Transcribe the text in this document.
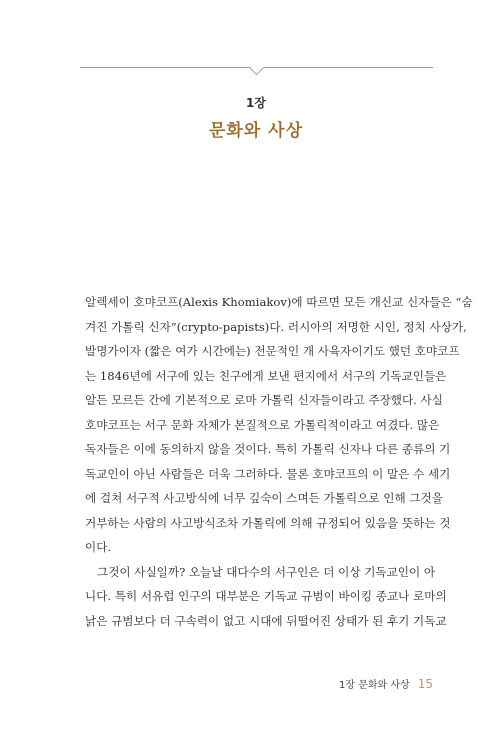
1장
문화와 사상
알렉세이 호먀코프(Alexis Khomiakov)에 따르면 모든 개신교 신자들은 “숨
겨진 가톨릭 신자”(crypto-papists)다. 러시아의 저명한 시인, 정치 사상가,
발명가이자 (짧은 여가 시간에는) 전문적인 개 사육자이기도 했던 호먀코프
는 1846년에 서구에 있는 친구에게 보낸 편지에서 서구의 기독교인들은
알든 모르든 간에 기본적으로 로마 가톨릭 신자들이라고 주장했다. 사실
호먀코프는 서구 문화 자체가 본질적으로 가톨릭적이라고 여겼다. 많은
독자들은 이에 동의하지 않을 것이다. 특히 가톨릭 신자나 다른 종류의 기
독교인이 아닌 사람들은 더욱 그러하다. 물론 호먀코프의 이 말은 수 세기
에 걸쳐 서구적 사고방식에 너무 깊숙이 스며든 가톨릭으로 인해 그것을
거부하는 사람의 사고방식조차 가톨릭에 의해 규정되어 있음을 뜻하는 것
이다.
그것이 사실일까? 오늘날 대다수의 서구인은 더 이상 기독교인이 아
니다. 특히 서유럽 인구의 대부분은 기독교 규범이 바이킹 종교나 로마의
낡은 규범보다 더 구속력이 없고 시대에 뒤떨어진 상태가 된 후기 기독교
1장 문화와 사상 15
